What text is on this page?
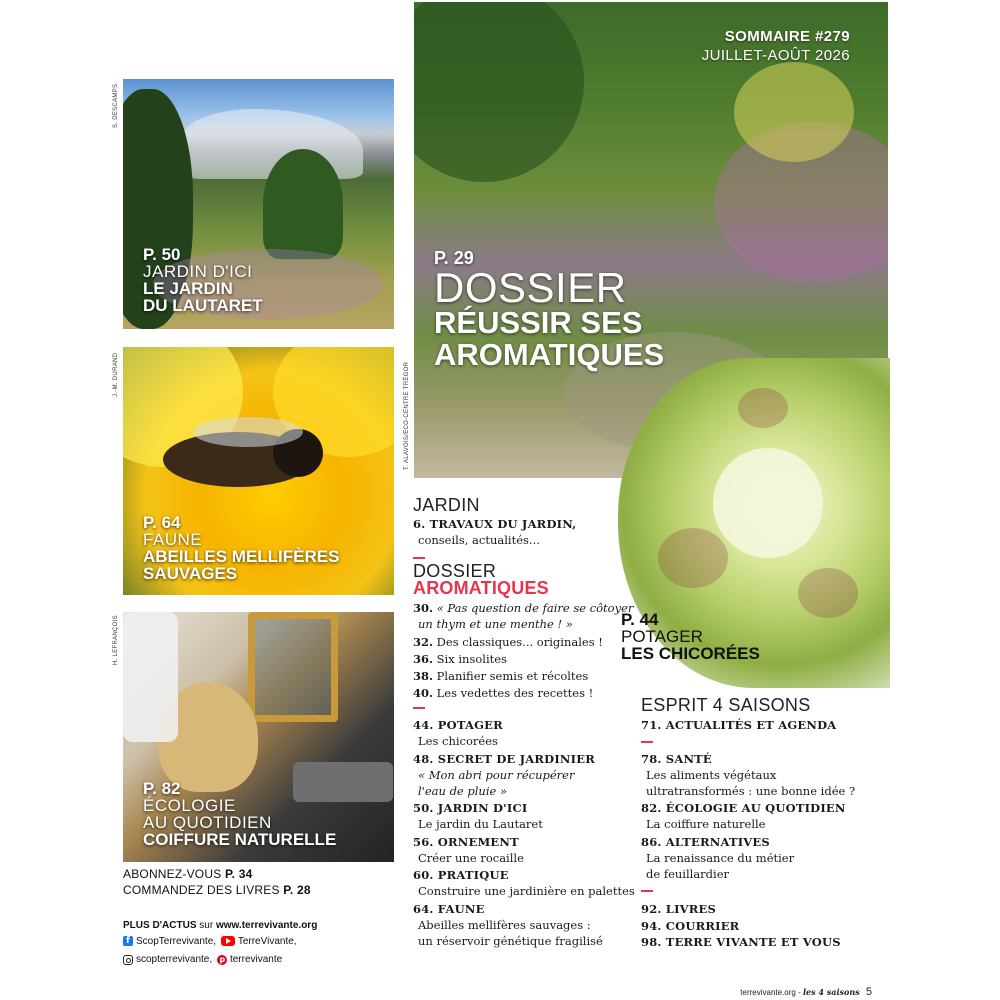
S. DESCAMPS
J.-M. DURAND
H. LEFRANÇOIS
T. ALAVOIS/ECO-CENTRE TRÉGOR
P. 50
JARDIN D'ICI
LE JARDIN
DU LAUTARET
P. 64
FAUNE
ABEILLES MELLIFÈRES
SAUVAGES
P. 82
ÉCOLOGIE
AU QUOTIDIEN
COIFFURE NATURELLE
SOMMAIRE #279
JUILLET-AOÛT 2026
P. 29
DOSSIER
RÉUSSIR SES
AROMATIQUES
P. 44
POTAGER
LES CHICORÉES
JARDIN
6. TRAVAUX DU JARDIN,
conseils, actualités...
DOSSIER
AROMATIQUES
30. « Pas question de faire se côtoyer
un thym et une menthe ! »
32. Des classiques... originales !
36. Six insolites
38. Planifier semis et récoltes
40. Les vedettes des recettes !
44. POTAGER
Les chicorées
48. SECRET DE JARDINIER
« Mon abri pour récupérer
l'eau de pluie »
50. JARDIN D'ICI
Le jardin du Lautaret
56. ORNEMENT
Créer une rocaille
60. PRATIQUE
Construire une jardinière en palettes
64. FAUNE
Abeilles mellifères sauvages :
un réservoir génétique fragilisé
ESPRIT 4 SAISONS
71. ACTUALITÉS ET AGENDA
78. SANTÉ
Les aliments végétaux
ultratransformés : une bonne idée ?
82. ÉCOLOGIE AU QUOTIDIEN
La coiffure naturelle
86. ALTERNATIVES
La renaissance du métier
de feuillardier
92. LIVRES
94. COURRIER
98. TERRE VIVANTE ET VOUS
ABONNEZ-VOUS P. 34
COMMANDEZ DES LIVRES P. 28
PLUS D'ACTUS sur www.terrevivante.org
f
ScopTerrevivante,
TerreVivante,
scopterrevivante,

p terrevivante
terrevivante.org - les 4 saisons 5
